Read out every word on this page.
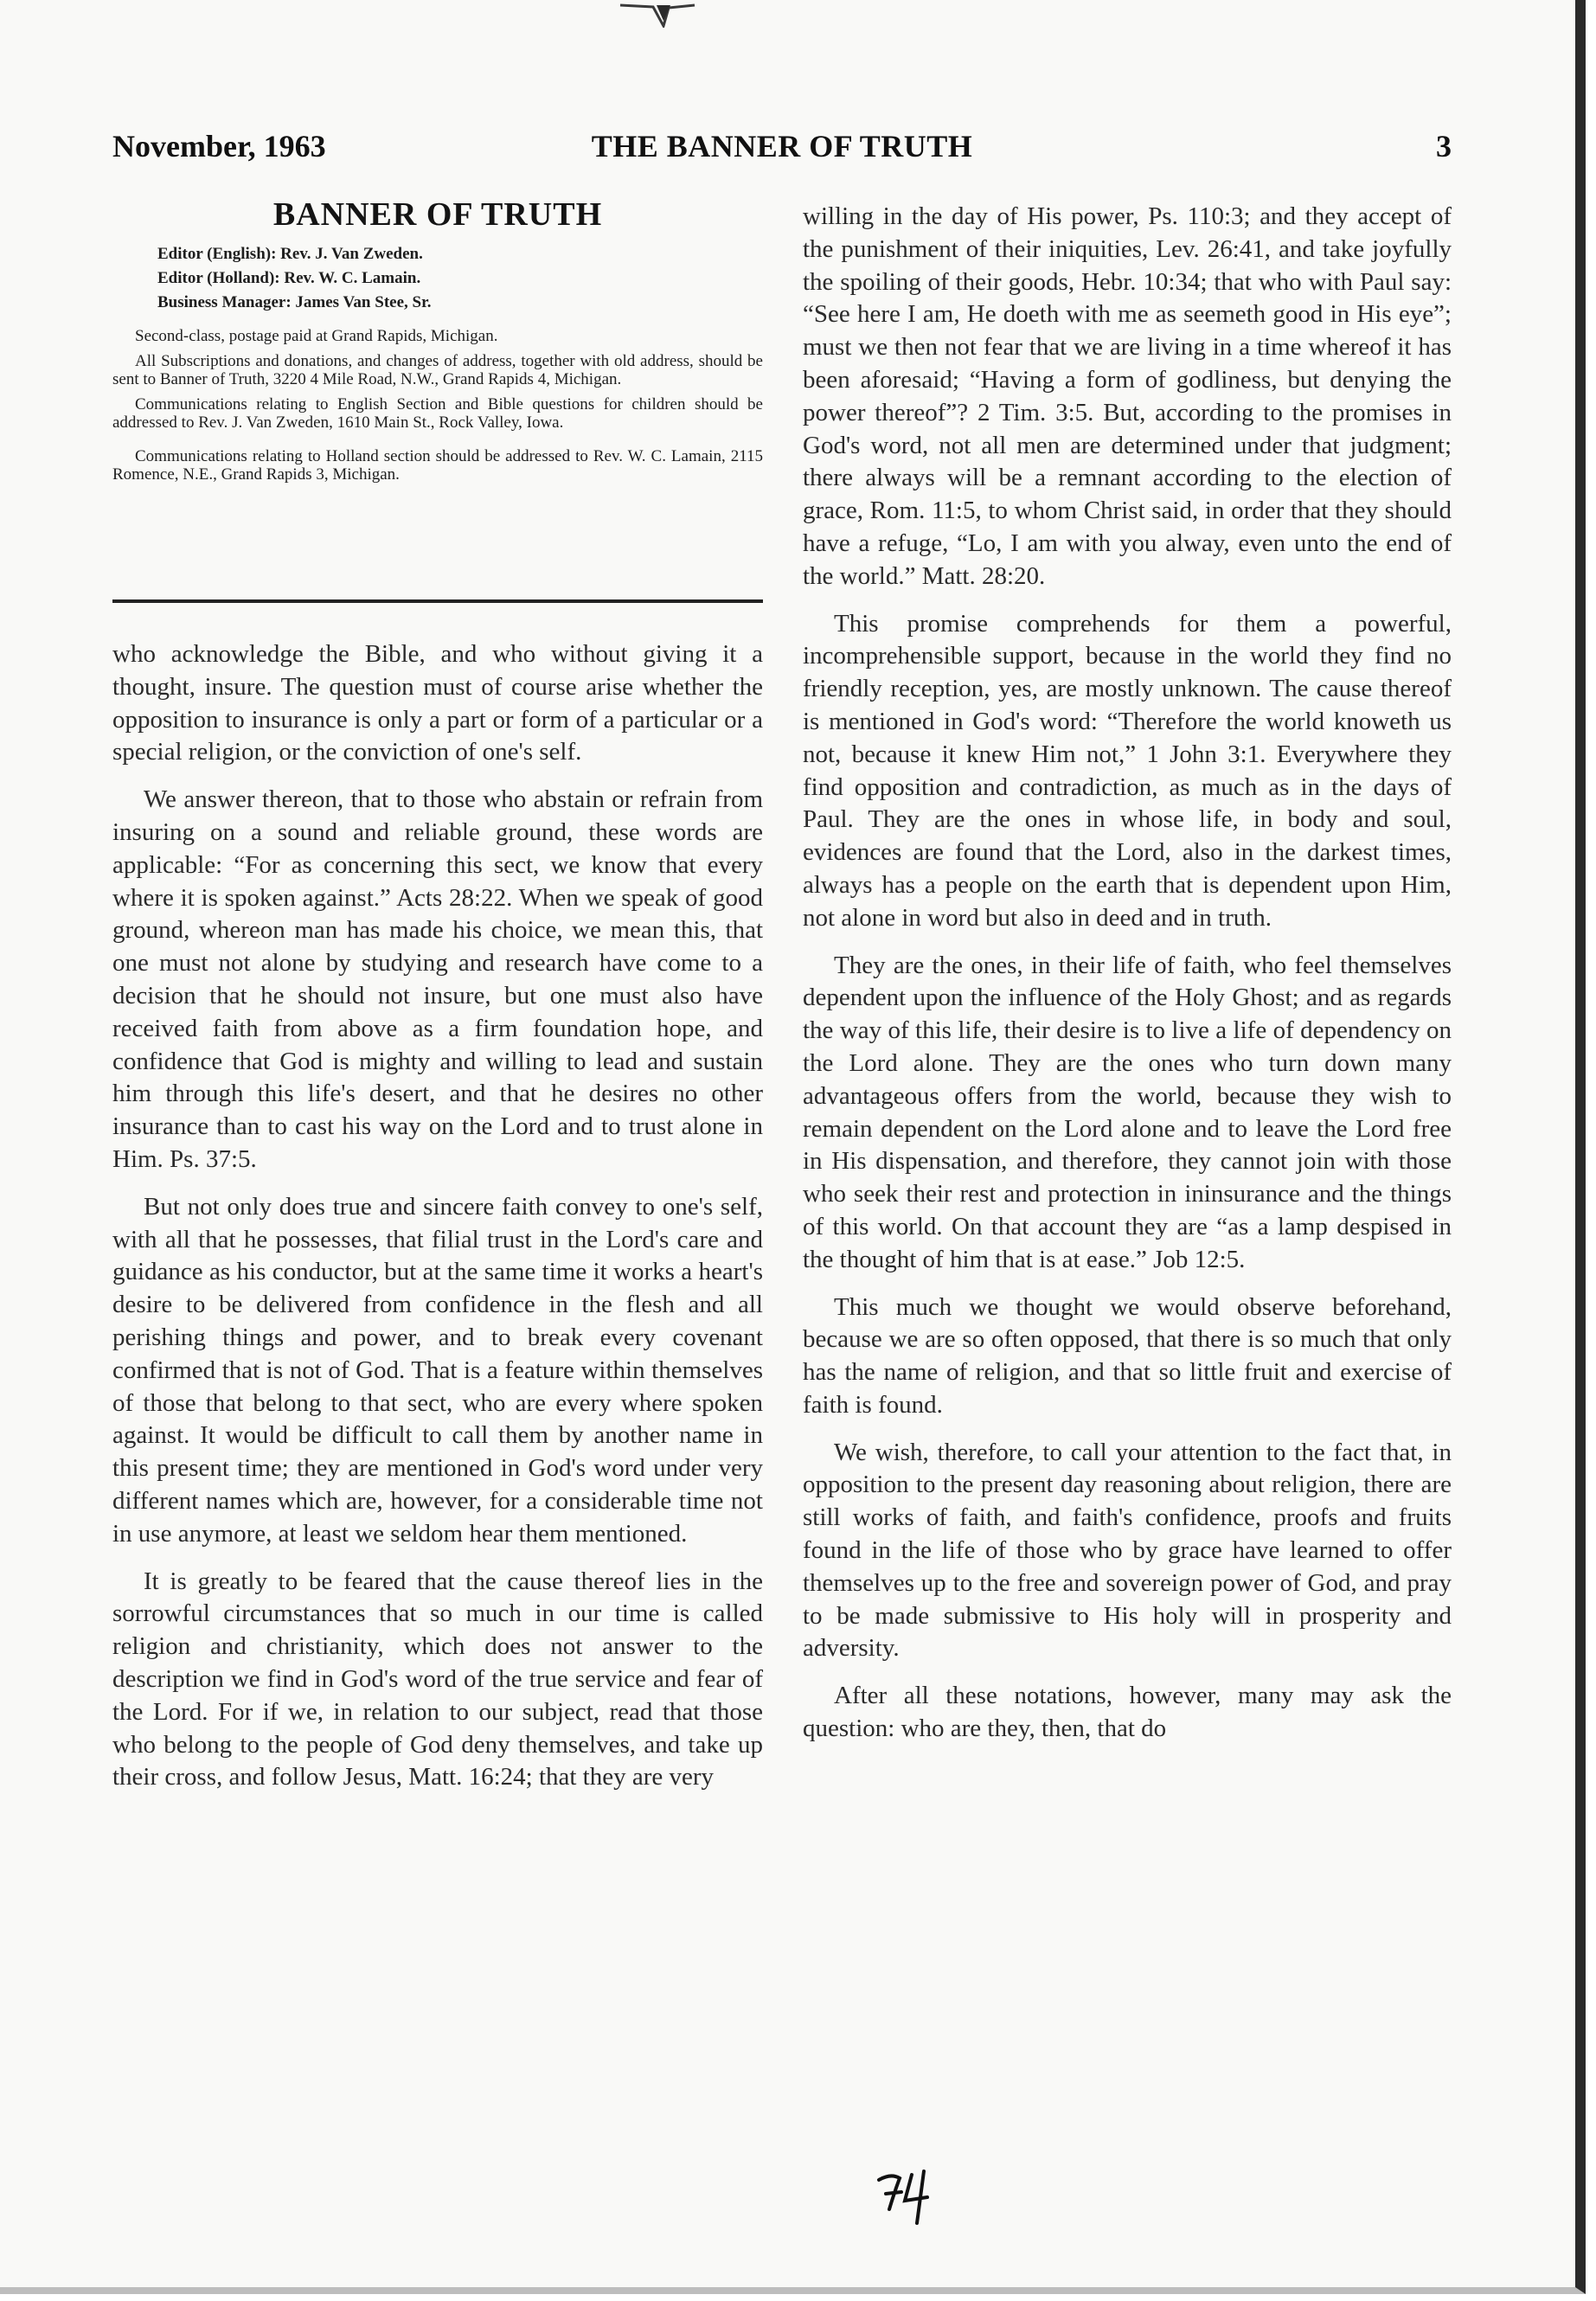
November, 1963	THE BANNER OF TRUTH	3
BANNER OF TRUTH
Editor (English): Rev. J. Van Zweden.
Editor (Holland): Rev. W. C. Lamain.
Business Manager: James Van Stee, Sr.

Second-class, postage paid at Grand Rapids, Michigan.

All Subscriptions and donations, and changes of address, together with old address, should be sent to Banner of Truth, 3220 4 Mile Road, N.W., Grand Rapids 4, Michigan.

Communications relating to English Section and Bible questions for children should be addressed to Rev. J. Van Zweden, 1610 Main St., Rock Valley, Iowa.

Communications relating to Holland section should be addressed to Rev. W. C. Lamain, 2115 Romence, N.E., Grand Rapids 3, Michigan.

who acknowledge the Bible, and who without giving it a thought, insure. The question must of course arise whether the opposition to insurance is only a part or form of a particular or a special religion, or the conviction of one's self.

We answer thereon, that to those who abstain or refrain from insuring on a sound and reliable ground, these words are applicable: “For as concerning this sect, we know that every where it is spoken against.” Acts 28:22. When we speak of good ground, whereon man has made his choice, we mean this, that one must not alone by studying and research have come to a decision that he should not insure, but one must also have received faith from above as a firm foundation hope, and confidence that God is mighty and willing to lead and sustain him through this life's desert, and that he desires no other insurance than to cast his way on the Lord and to trust alone in Him. Ps. 37:5.

But not only does true and sincere faith convey to one's self, with all that he possesses, that filial trust in the Lord's care and guidance as his conductor, but at the same time it works a heart's desire to be delivered from confidence in the flesh and all perishing things and power, and to break every covenant confirmed that is not of God. That is a feature within themselves of those that belong to that sect, who are every where spoken against. It would be difficult to call them by another name in this present time; they are mentioned in God's word under very different names which are, however, for a considerable time not in use anymore, at least we seldom hear them mentioned.

It is greatly to be feared that the cause thereof lies in the sorrowful circumstances that so much in our time is called religion and christianity, which does not answer to the description we find in God's word of the true service and fear of the Lord. For if we, in relation to our subject, read that those who belong to the people of God deny themselves, and take up their cross, and follow Jesus, Matt. 16:24; that they are very

willing in the day of His power, Ps. 110:3; and they accept of the punishment of their iniquities, Lev. 26:41, and take joyfully the spoiling of their goods, Hebr. 10:34; that who with Paul say: “See here I am, He doeth with me as seemeth good in His eye”; must we then not fear that we are living in a time whereof it has been aforesaid; “Having a form of godliness, but denying the power thereof”? 2 Tim. 3:5. But, according to the promises in God's word, not all men are determined under that judgment; there always will be a remnant according to the election of grace, Rom. 11:5, to whom Christ said, in order that they should have a refuge, “Lo, I am with you alway, even unto the end of the world.” Matt. 28:20.

This promise comprehends for them a powerful, incomprehensible support, because in the world they find no friendly reception, yes, are mostly unknown. The cause thereof is mentioned in God's word: “Therefore the world knoweth us not, because it knew Him not,” 1 John 3:1. Everywhere they find opposition and contradiction, as much as in the days of Paul. They are the ones in whose life, in body and soul, evidences are found that the Lord, also in the darkest times, always has a people on the earth that is dependent upon Him, not alone in word but also in deed and in truth.

They are the ones, in their life of faith, who feel themselves dependent upon the influence of the Holy Ghost; and as regards the way of this life, their desire is to live a life of dependency on the Lord alone. They are the ones who turn down many advantageous offers from the world, because they wish to remain dependent on the Lord alone and to leave the Lord free in His dispensation, and therefore, they cannot join with those who seek their rest and protection in ininsurance and the things of this world. On that account they are “as a lamp despised in the thought of him that is at ease.” Job 12:5.

This much we thought we would observe beforehand, because we are so often opposed, that there is so much that only has the name of religion, and that so little fruit and exercise of faith is found.

We wish, therefore, to call your attention to the fact that, in opposition to the present day reasoning about religion, there are still works of faith, and faith's confidence, proofs and fruits found in the life of those who by grace have learned to offer themselves up to the free and sovereign power of God, and pray to be made submissive to His holy will in prosperity and adversity.

After all these notations, however, many may ask the question: who are they, then, that do
